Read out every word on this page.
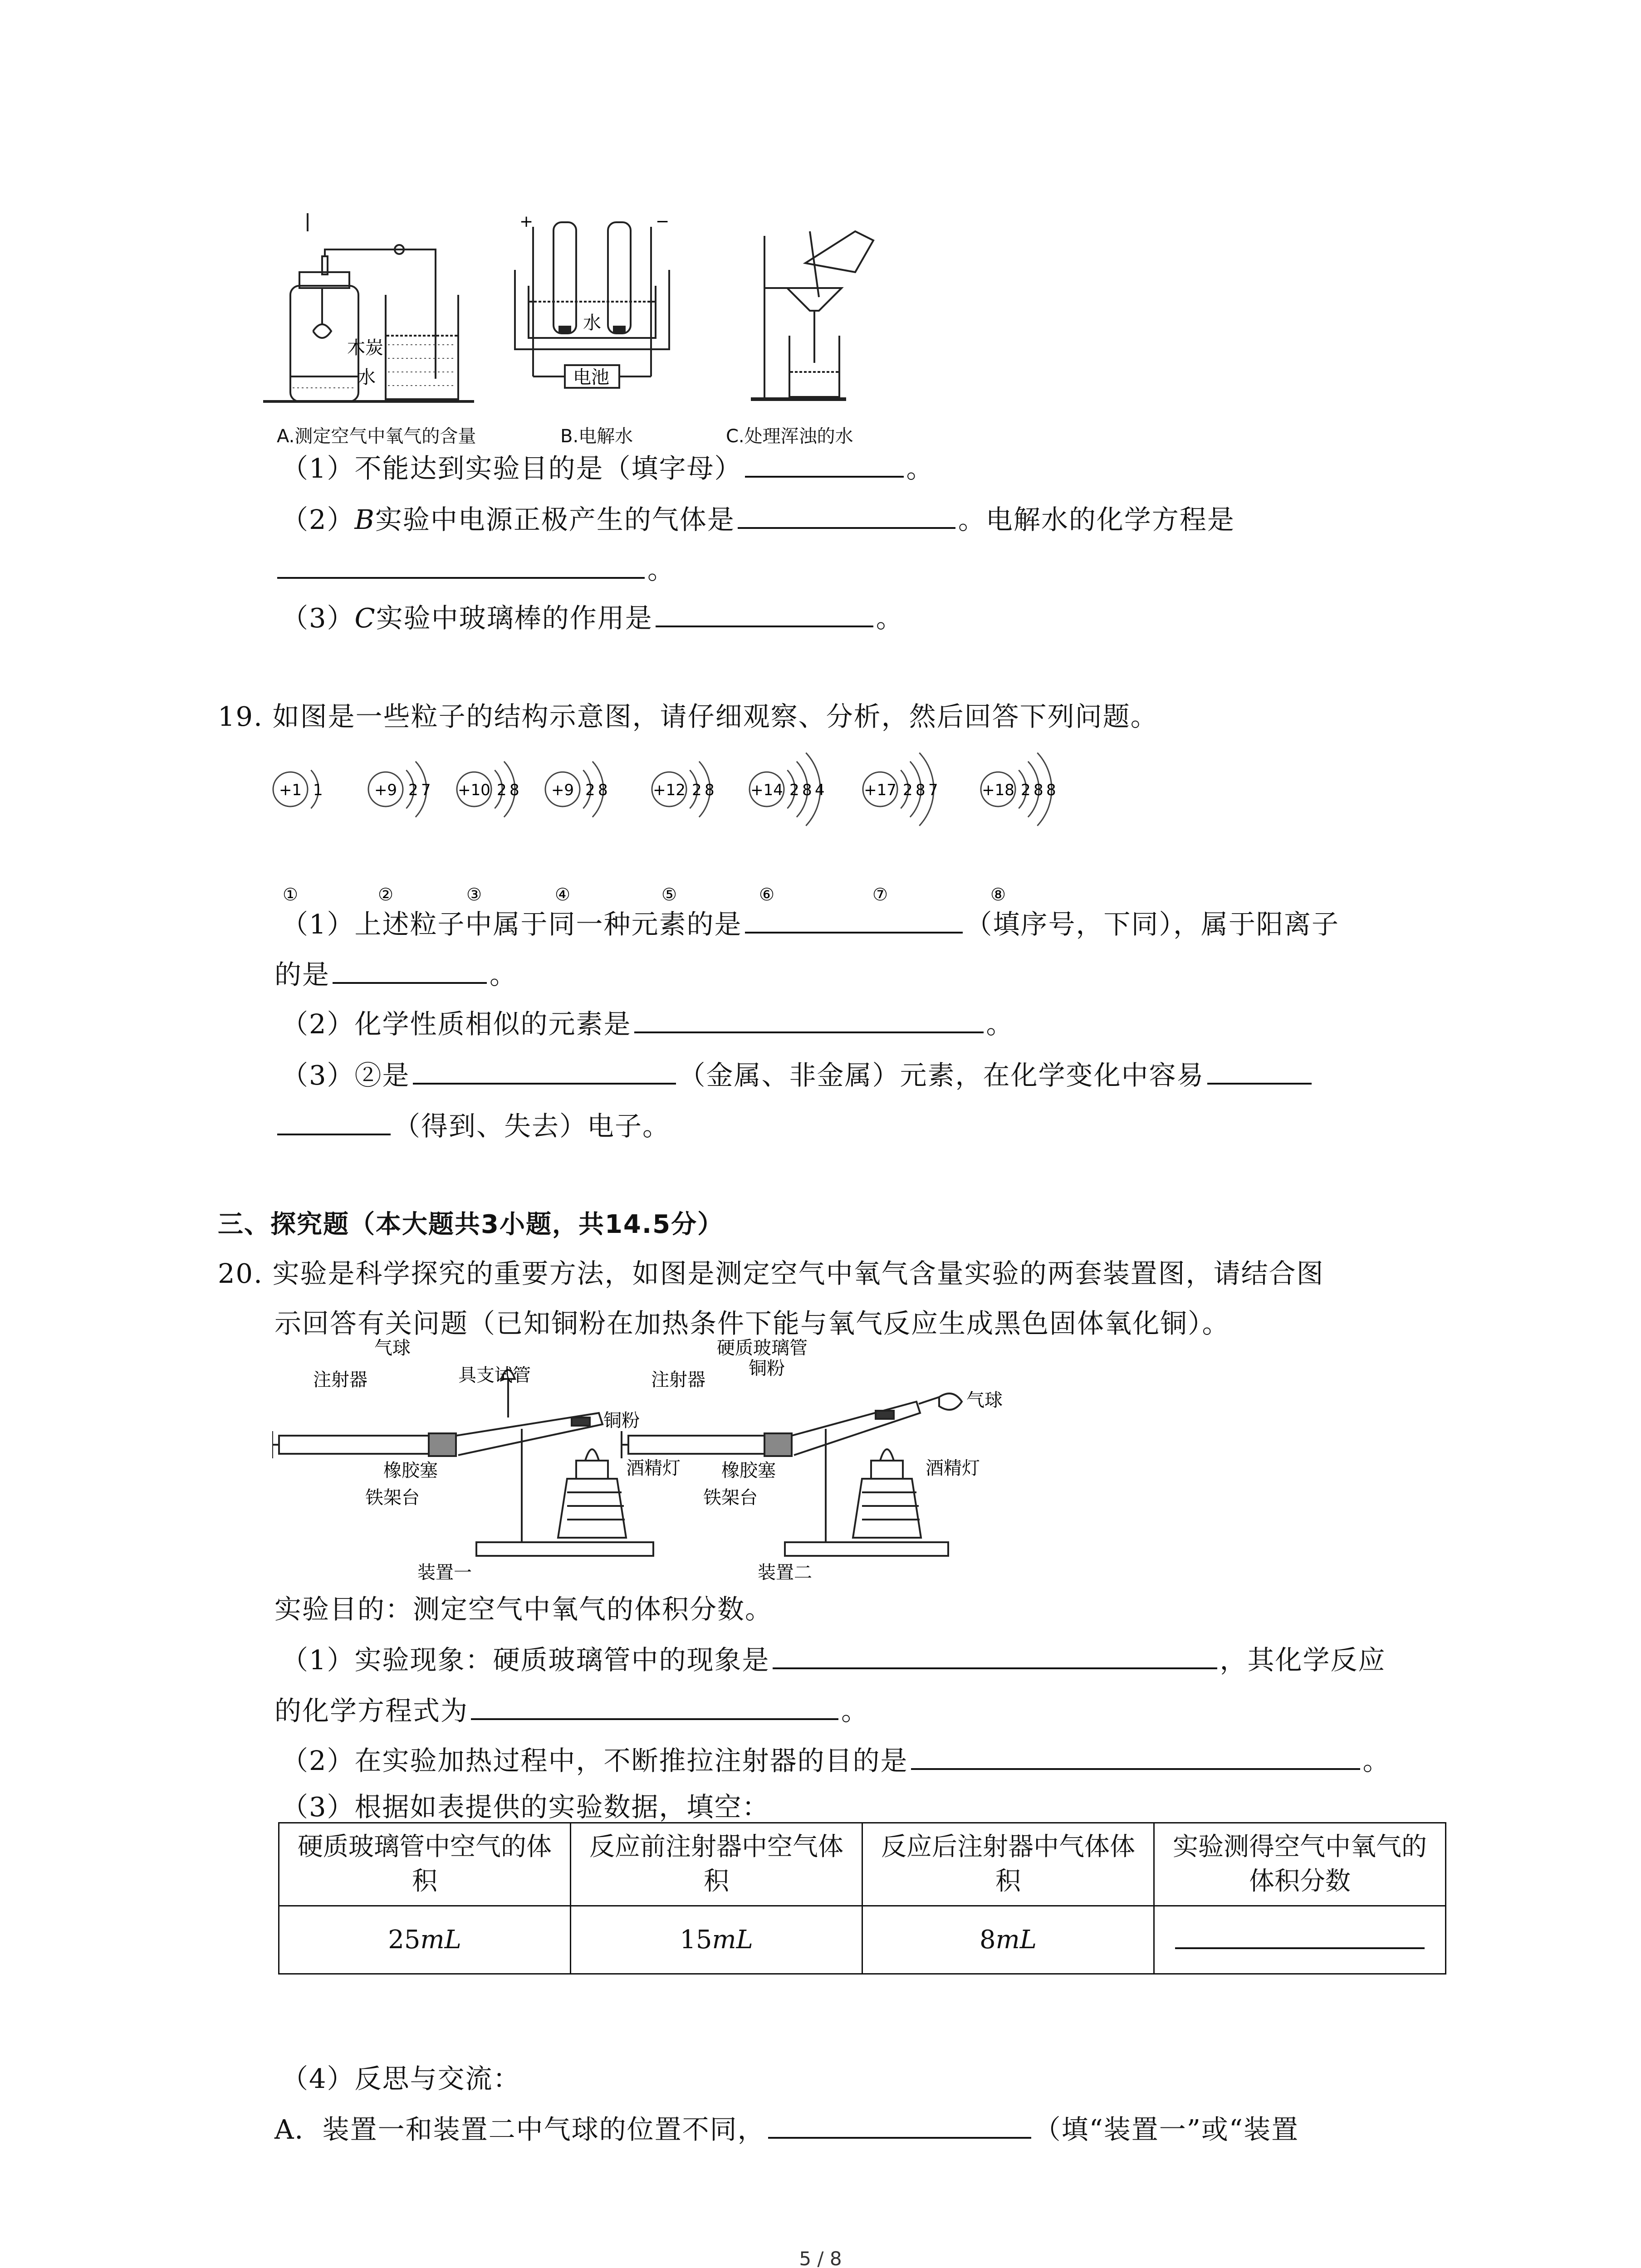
木炭
水
+	−
水
电池
A.测定空气中氧气的含量	B.电解水	C.处理浑浊的水
（1）不能达到实验目的是（填字母）	。
（2）B实验中电源正极产生的气体是	。电解水的化学方程是
。
（3）C实验中玻璃棒的作用是	。
19. 如图是一些粒子的结构示意图，请仔细观察、分析，然后回答下列问题。
+1 1
①
+9 2 7
②
+10 2 8
③
+9 2 8
④
+12 2 8
⑤
+14 2 8 4
⑥
+17 2 8 7
⑦
+18 2 8 8
⑧
（1）上述粒子中属于同一种元素的是	（填序号，下同），属于阳离子
的是	。
（2）化学性质相似的元素是	。
（3）②是	（金属、非金属）元素，在化学变化中容易
（得到、失去）电子。
三、探究题（本大题共3小题，共14.5分）
20. 实验是科学探究的重要方法，如图是测定空气中氧气含量实验的两套装置图，请结合图
示回答有关问题（已知铜粉在加热条件下能与氧气反应生成黑色固体氧化铜）。
气球
注射器	具支试管
铜粉
橡胶塞	酒精灯
铁架台
装置一
硬质玻璃管
铜粉
注射器
气球
橡胶塞	酒精灯
铁架台
装置二
实验目的：测定空气中氧气的体积分数。
（1）实验现象：硬质玻璃管中的现象是	，其化学反应
的化学方程式为	。
（2）在实验加热过程中，不断推拉注射器的目的是	。
（3）根据如表提供的实验数据，填空：
硬质玻璃管中空气的体积	反应前注射器中空气体积	反应后注射器中气体体积	实验测得空气中氧气的体积分数
25mL	15mL	8mL	
（4）反思与交流：
A．装置一和装置二中气球的位置不同，	（填“装置一”或“装置
5 / 8
